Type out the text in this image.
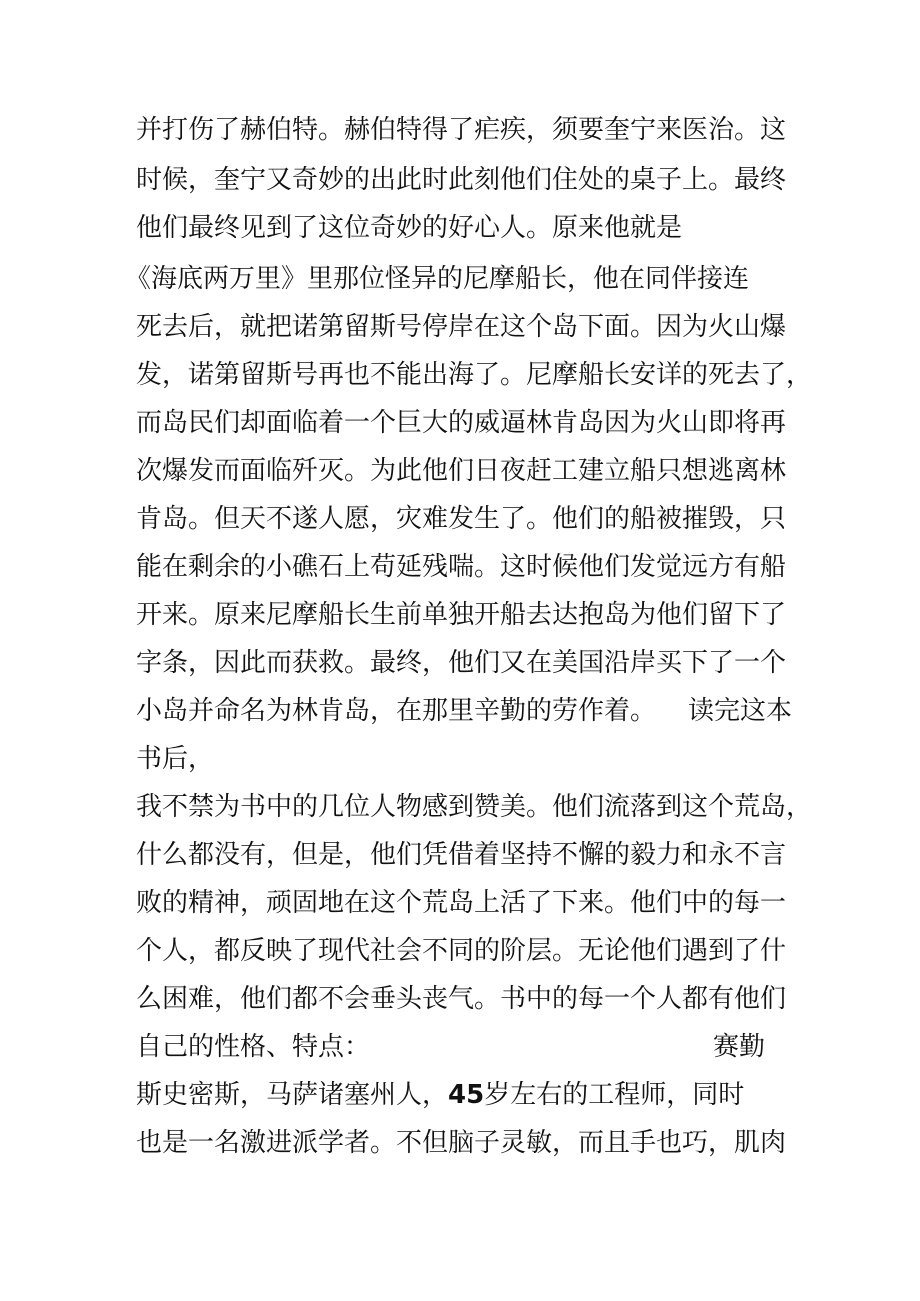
并打伤了赫伯特。赫伯特得了疟疾，须要奎宁来医治。这
时候，奎宁又奇妙的出此时此刻他们住处的桌子上。最终
他们最终见到了这位奇妙的好心人。原来他就是
《海底两万里》里那位怪异的尼摩船长，他在同伴接连
死去后，就把诺第留斯号停岸在这个岛下面。因为火山爆
发，诺第留斯号再也不能出海了。尼摩船长安详的死去了，
而岛民们却面临着一个巨大的威逼林肯岛因为火山即将再
次爆发而面临歼灭。为此他们日夜赶工建立船只想逃离林
肯岛。但天不遂人愿，灾难发生了。他们的船被摧毁，只
能在剩余的小礁石上苟延残喘。这时候他们发觉远方有船
开来。原来尼摩船长生前单独开船去达抱岛为他们留下了
字条，因此而获救。最终，他们又在美国沿岸买下了一个
小岛并命名为林肯岛，在那里辛勤的劳作着。 读完这本
书后，
我不禁为书中的几位人物感到赞美。他们流落到这个荒岛，
什么都没有，但是，他们凭借着坚持不懈的毅力和永不言
败的精神，顽固地在这个荒岛上活了下来。他们中的每一
个人，都反映了现代社会不同的阶层。无论他们遇到了什
么困难，他们都不会垂头丧气。书中的每一个人都有他们
自己的性格、特点：	赛勤
斯史密斯，马萨诸塞州人，45岁左右的工程师，同时
也是一名激进派学者。不但脑子灵敏，而且手也巧，肌肉
